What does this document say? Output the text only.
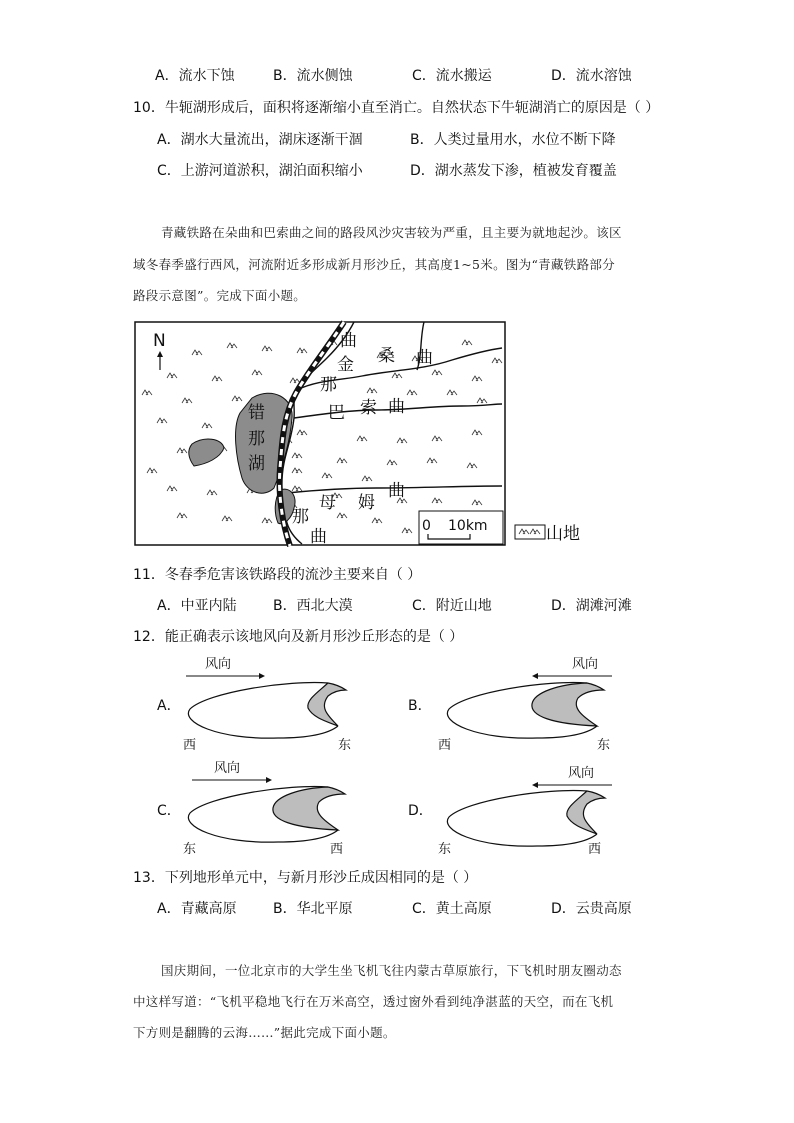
A．流水下蚀	B．流水侧蚀	C．流水搬运	D．流水溶蚀
10．牛轭湖形成后，面积将逐渐缩小直至消亡。自然状态下牛轭湖消亡的原因是（ ）
A．湖水大量流出，湖床逐渐干涸	B．人类过量用水，水位不断下降
C．上游河道淤积，湖泊面积缩小	D．湖水蒸发下渗，植被发育覆盖
青藏铁路在朵曲和巴索曲之间的路段风沙灾害较为严重，且主要为就地起沙。该区
域冬春季盛行西风，河流附近多形成新月形沙丘，其高度1~5米。图为“青藏铁路部分
路段示意图”。完成下面小题。
N	曲
金 桑 曲
那
巴 索 曲
错
那
湖
母 姆
曲
那
曲
0 10km	山地
11．冬春季危害该铁路段的流沙主要来自（ ）
A．中亚内陆	B．西北大漠	C．附近山地	D．湖滩河滩
12．能正确表示该地风向及新月形沙丘形态的是（ ）
A．
风向
西	东
B．
风向
西	东
C．
风向
东	西
D．
风向
东	西
13．下列地形单元中，与新月形沙丘成因相同的是（ ）
A．青藏高原	B．华北平原	C．黄土高原	D．云贵高原
国庆期间，一位北京市的大学生坐飞机飞往内蒙古草原旅行，下飞机时朋友圈动态
中这样写道：“飞机平稳地飞行在万米高空，透过窗外看到纯净湛蓝的天空，而在飞机
下方则是翻腾的云海……”据此完成下面小题。
